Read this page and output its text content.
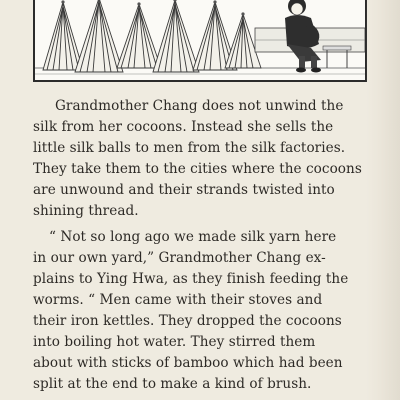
Grandmother Chang does not unwind the
silk from her cocoons. Instead she sells the
little silk balls to men from the silk factories.
They take them to the cities where the cocoons
are unwound and their strands twisted into
shining thread.

“ Not so long ago we made silk yarn here
in our own yard,” Grandmother Chang ex-
plains to Ying Hwa, as they finish feeding the
worms. “ Men came with their stoves and
their iron kettles. They dropped the cocoons
into boiling hot water. They stirred them
about with sticks of bamboo which had been
split at the end to make a kind of brush.
